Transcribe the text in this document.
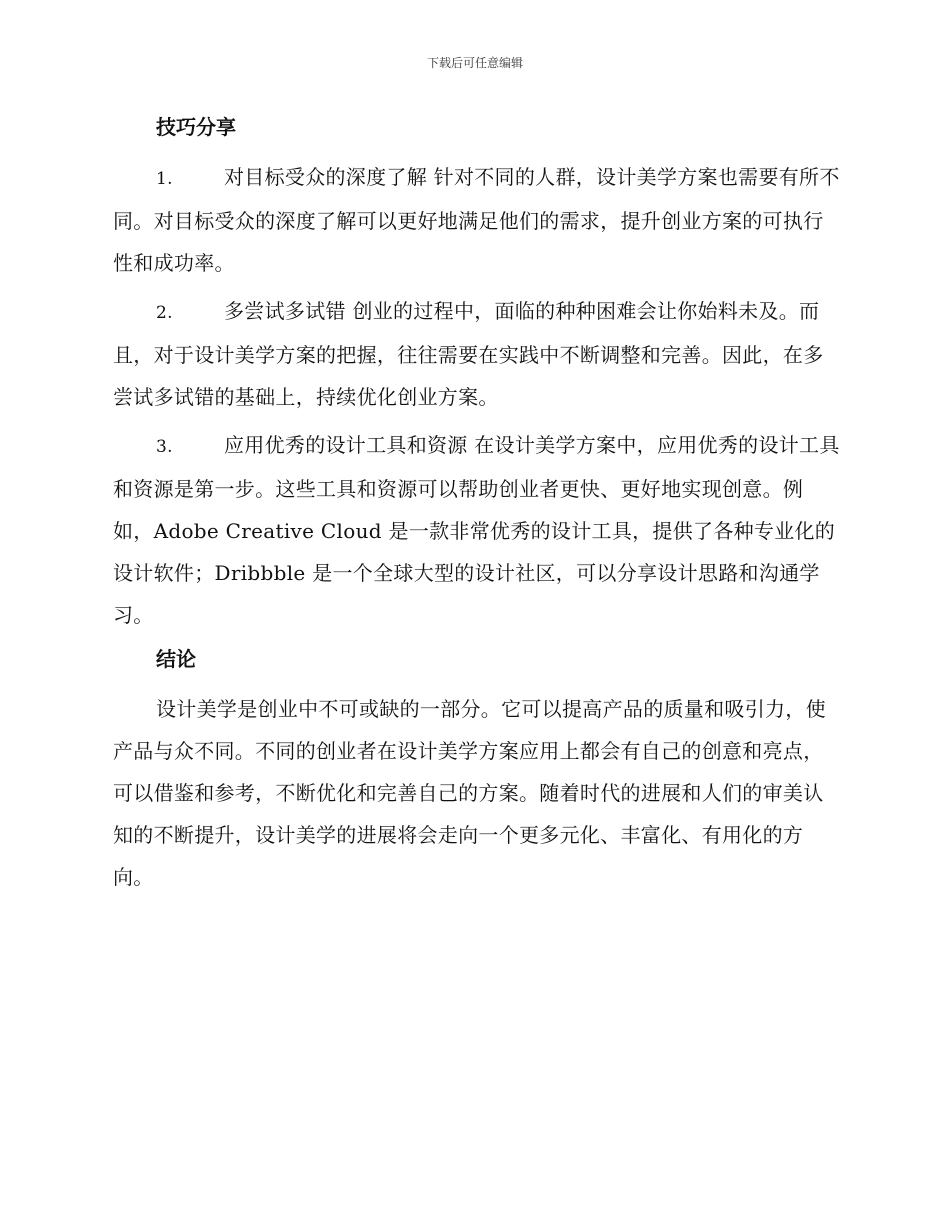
下载后可任意编辑
技巧分享

1.	对目标受众的深度了解 针对不同的人群，设计美学方案也需要有所不同。对目标受众的深度了解可以更好地满足他们的需求，提升创业方案的可执行性和成功率。

2.	多尝试多试错 创业的过程中，面临的种种困难会让你始料未及。而且，对于设计美学方案的把握，往往需要在实践中不断调整和完善。因此，在多尝试多试错的基础上，持续优化创业方案。

3.	应用优秀的设计工具和资源 在设计美学方案中，应用优秀的设计工具和资源是第一步。这些工具和资源可以帮助创业者更快、更好地实现创意。例如，Adobe Creative Cloud 是一款非常优秀的设计工具，提供了各种专业化的设计软件；Dribbble 是一个全球大型的设计社区，可以分享设计思路和沟通学习。

结论

设计美学是创业中不可或缺的一部分。它可以提高产品的质量和吸引力，使产品与众不同。不同的创业者在设计美学方案应用上都会有自己的创意和亮点，可以借鉴和参考，不断优化和完善自己的方案。随着时代的进展和人们的审美认知的不断提升，设计美学的进展将会走向一个更多元化、丰富化、有用化的方向。
